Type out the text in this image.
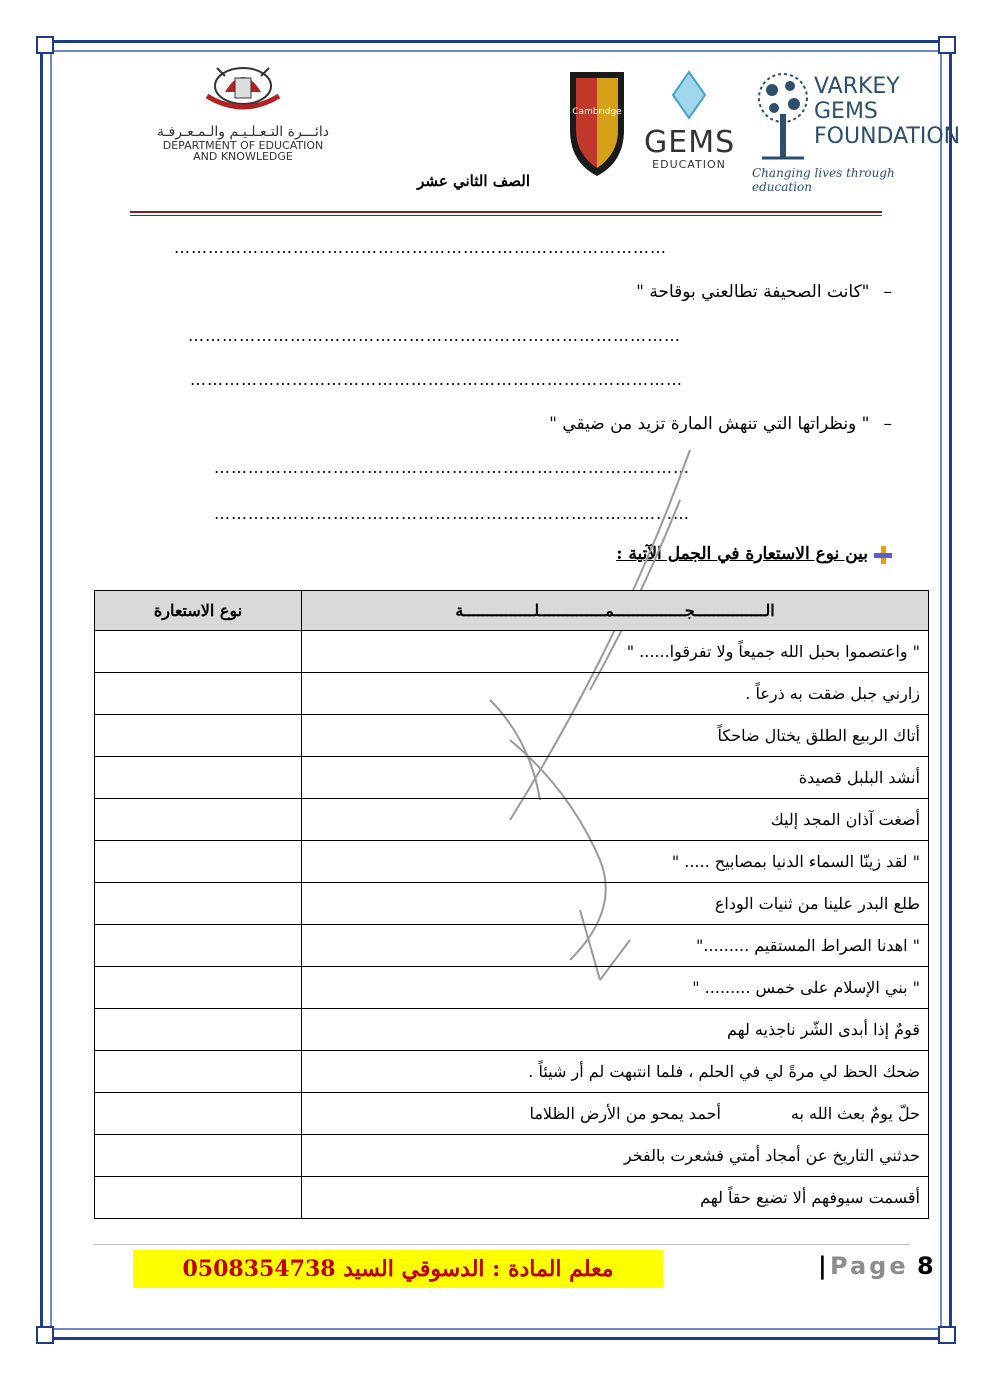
دائـــرة التـعـلـيـم والـمـعـرفـة
DEPARTMENT OF EDUCATION
AND KNOWLEDGE
Cambridge
GEMS
EDUCATION
VARKEY
GEMS
FOUNDATION
Changing lives through education
الصف الثاني عشر
……………………………………………………………………………
–"كانت الصحيفة تطالعني بوقاحة "
……………………………………………………………………………
……………………………………………………………………………
–" ونظراتها التي تنهش المارة تزيد من ضيقي "
…………………………………………………………………………
…………………………………………………………………………
بين نوع الاستعارة في الجمل الآتية :
الـــــــــــــــجـــــــــــــــمــــــــــــــلـــــــــــــــة	نوع الاستعارة
" واعتصموا بحبل الله جميعاً ولا تفرقوا...... "	
زارني جبل ضقت به ذرعاً .	
أتاك الربيع الطلق يختال ضاحكاً	
أنشد البلبل قصيدة	
أصغت آذان المجد إليك	
" لقد زينّا السماء الدنيا بمصابيح ..... "	
طلع البدر علينا من ثنيات الوداع	
" اهدنا الصراط المستقيم ........."	
" بني الإسلام على خمس ......... "	
قومٌ إذا أبدى الشّر ناجذيه لهم	
ضحك الحظ لي مرةً لي في الحلم ، فلما انتبهت لم أر شيئاً .	
حلّ يومٌ بعث الله بهأحمد يمحو من الأرض الظلاما	
حدثني التاريخ عن أمجاد أمتي فشعرت بالفخر	
أقسمت سيوفهم ألا تضيع حقاً لهم	
معلم المادة : الدسوقي السيد 0508354738	| Page 8
